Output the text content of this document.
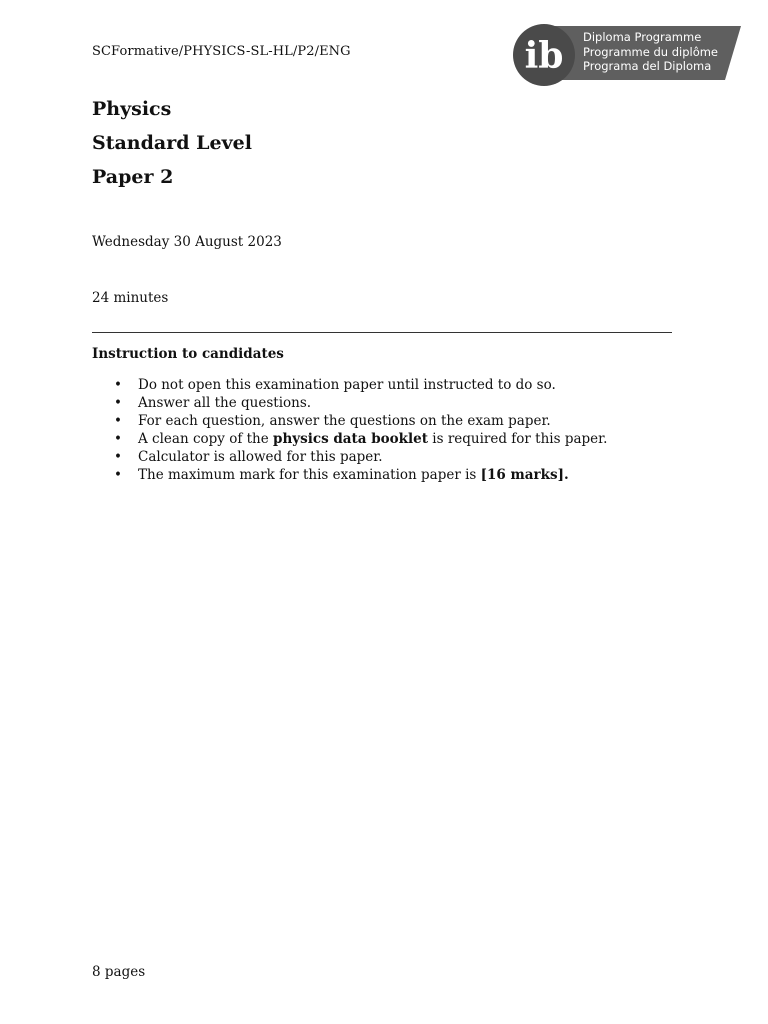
SCFormative/PHYSICS-SL-HL/P2/ENG	ib Diploma Programme
Programme du diplôme
Programa del Diploma
Physics
Standard Level
Paper 2
Wednesday 30 August 2023
24 minutes
Instruction to candidates
• Do not open this examination paper until instructed to do so.
• Answer all the questions.
• For each question, answer the questions on the exam paper.
• A clean copy of the physics data booklet is required for this paper.
• Calculator is allowed for this paper.
• The maximum mark for this examination paper is [16 marks].
8 pages
